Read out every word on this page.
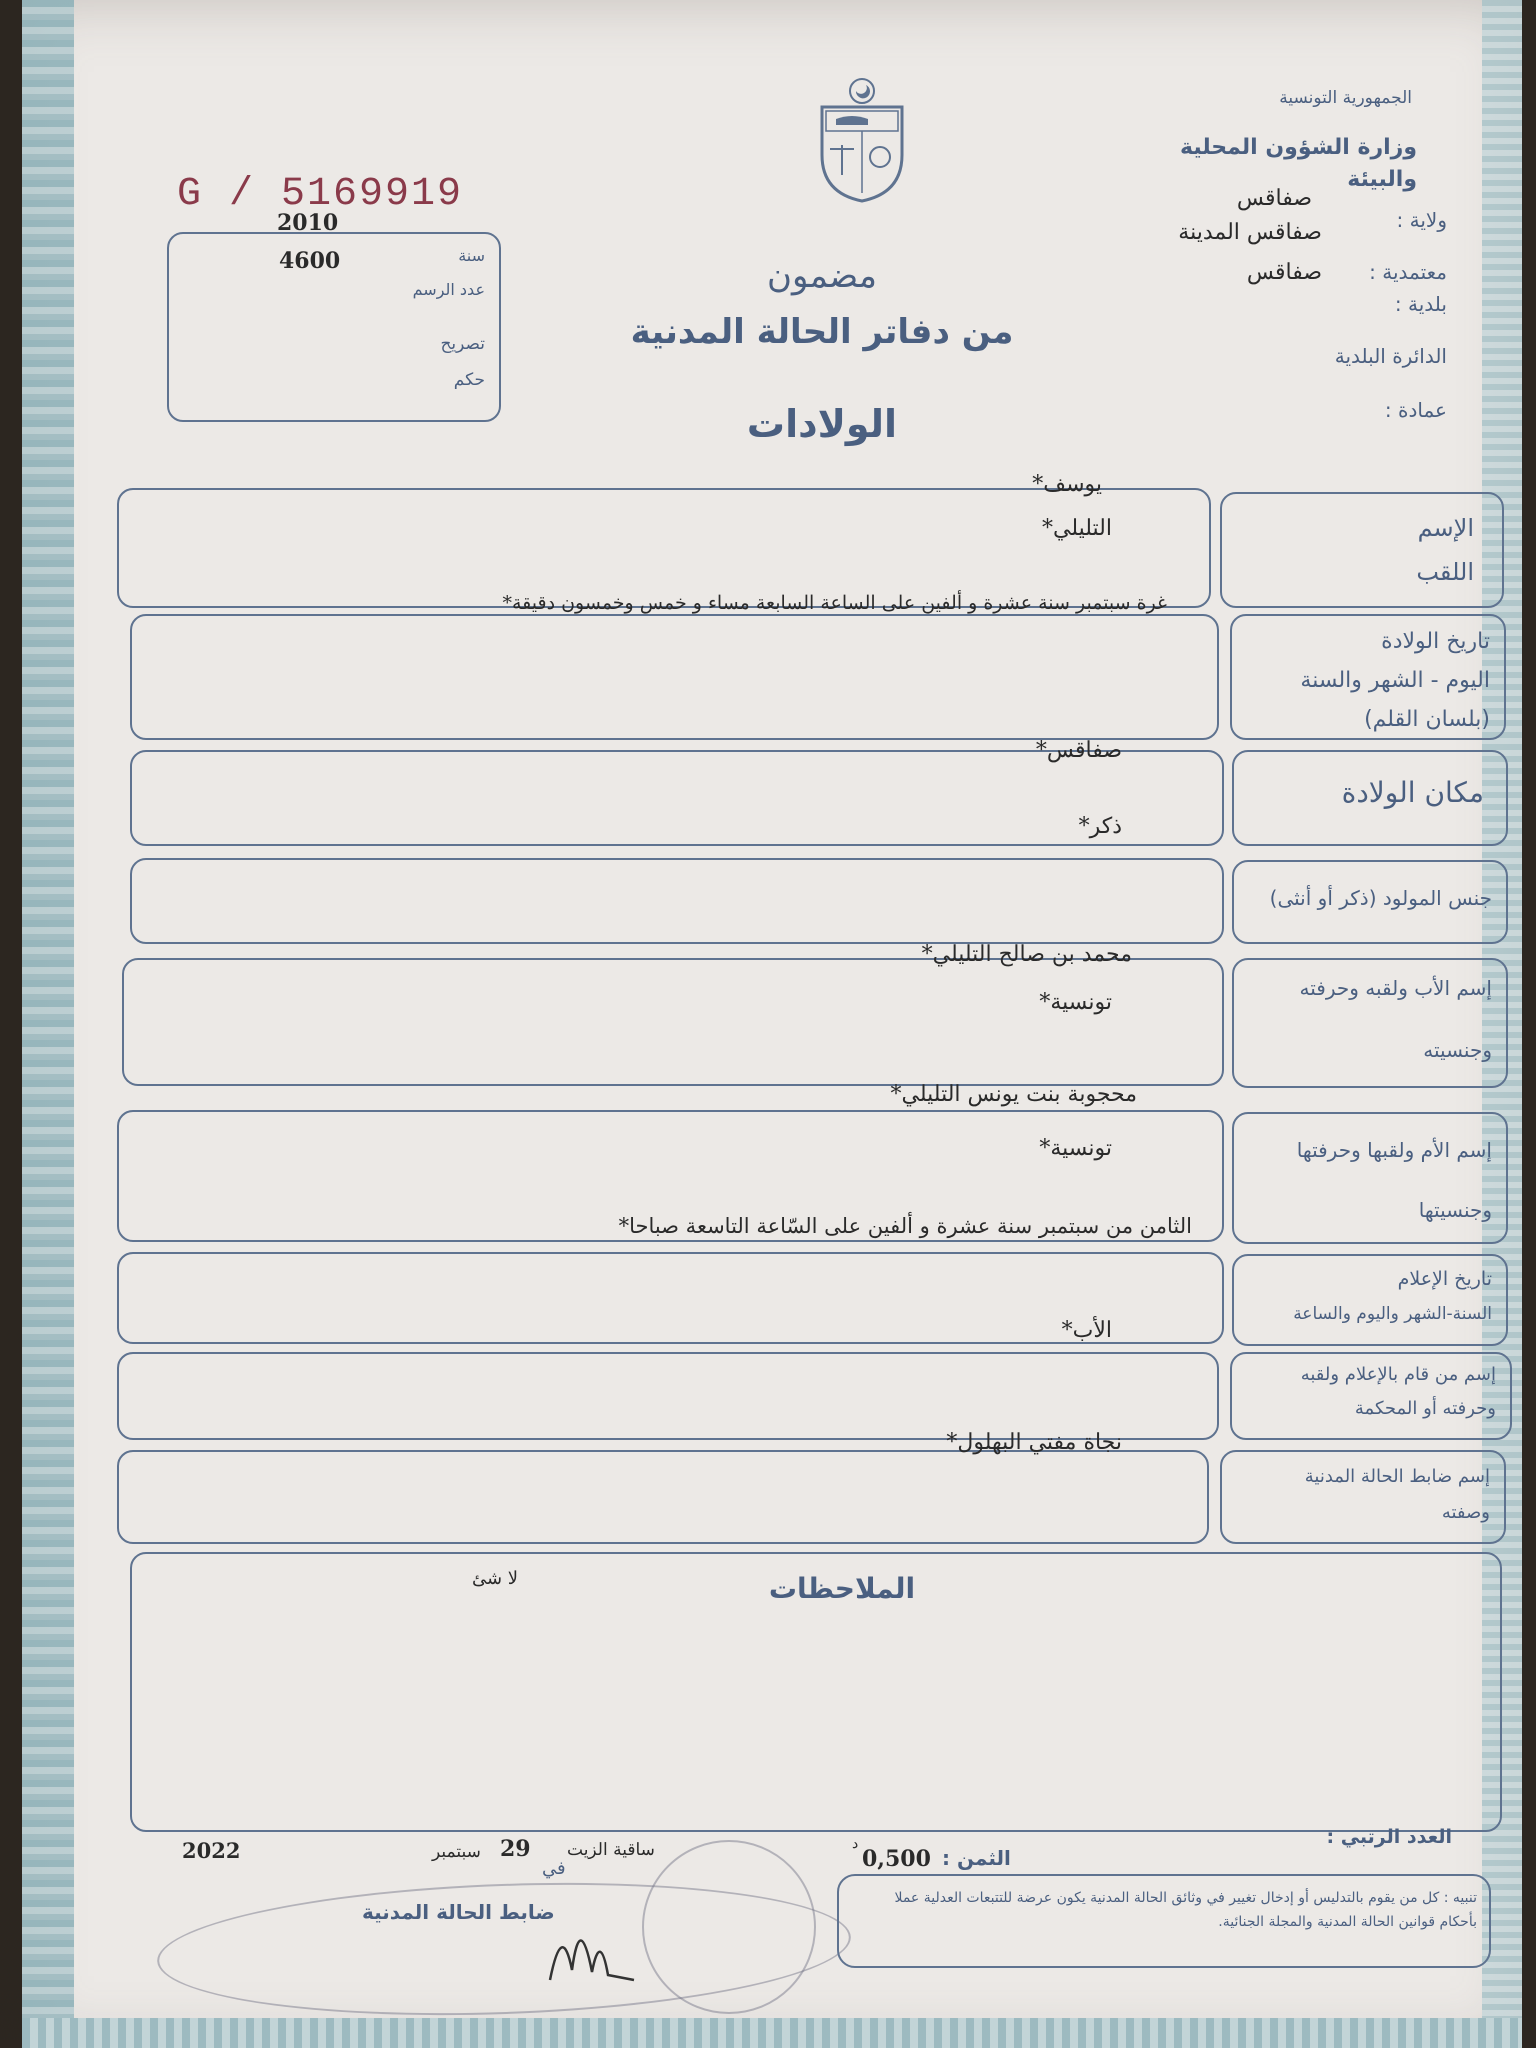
الجمهورية التونسية
وزارة الشؤون المحلية والبيئة
ولاية :
صفاقس
معتمدية :
صفاقس المدينة
بلدية :
صفاقس
الدائرة البلدية
عمادة :
G / 5169919
2010
سنة
4600
عدد الرسم
تصريح
حكم
مضمون
من دفاتر الحالة المدنية
الولادات
الإسم
اللقب
يوسف*
التليلي*
تاريخ الولادة
اليوم - الشهر والسنة
(بلسان القلم)
غرة سبتمبر سنة عشرة و ألفين على الساعة السابعة مساء و خمس وخمسون دقيقة*
مكان الولادة
صفاقس*
جنس المولود (ذكر أو أنثى)
ذكر*
إسم الأب ولقبه وحرفته
وجنسيته
محمد بن صالح التليلي*
تونسية*
إسم الأم ولقبها وحرفتها
وجنسيتها
محجوبة بنت يونس التليلي*
تونسية*
تاريخ الإعلام
السنة-الشهر واليوم والساعة
الثامن من سبتمبر سنة عشرة و ألفين على السّاعة التاسعة صباحا*
إسم من قام بالإعلام ولقبه
وحرفته أو المحكمة
الأب*
إسم ضابط الحالة المدنية
وصفته
نجاة مفتي البهلول*
الملاحظات
لا شئ
العدد الرتبي :
الثمن :
0,500
د
في
ساقية الزيت
29
سبتمبر
2022
ضابط الحالة المدنية
تنبيه : كل من يقوم بالتدليس أو إدخال تغيير في وثائق الحالة المدنية يكون عرضة للتتبعات العدلية عملا بأحكام قوانين الحالة المدنية والمجلة الجنائية.
